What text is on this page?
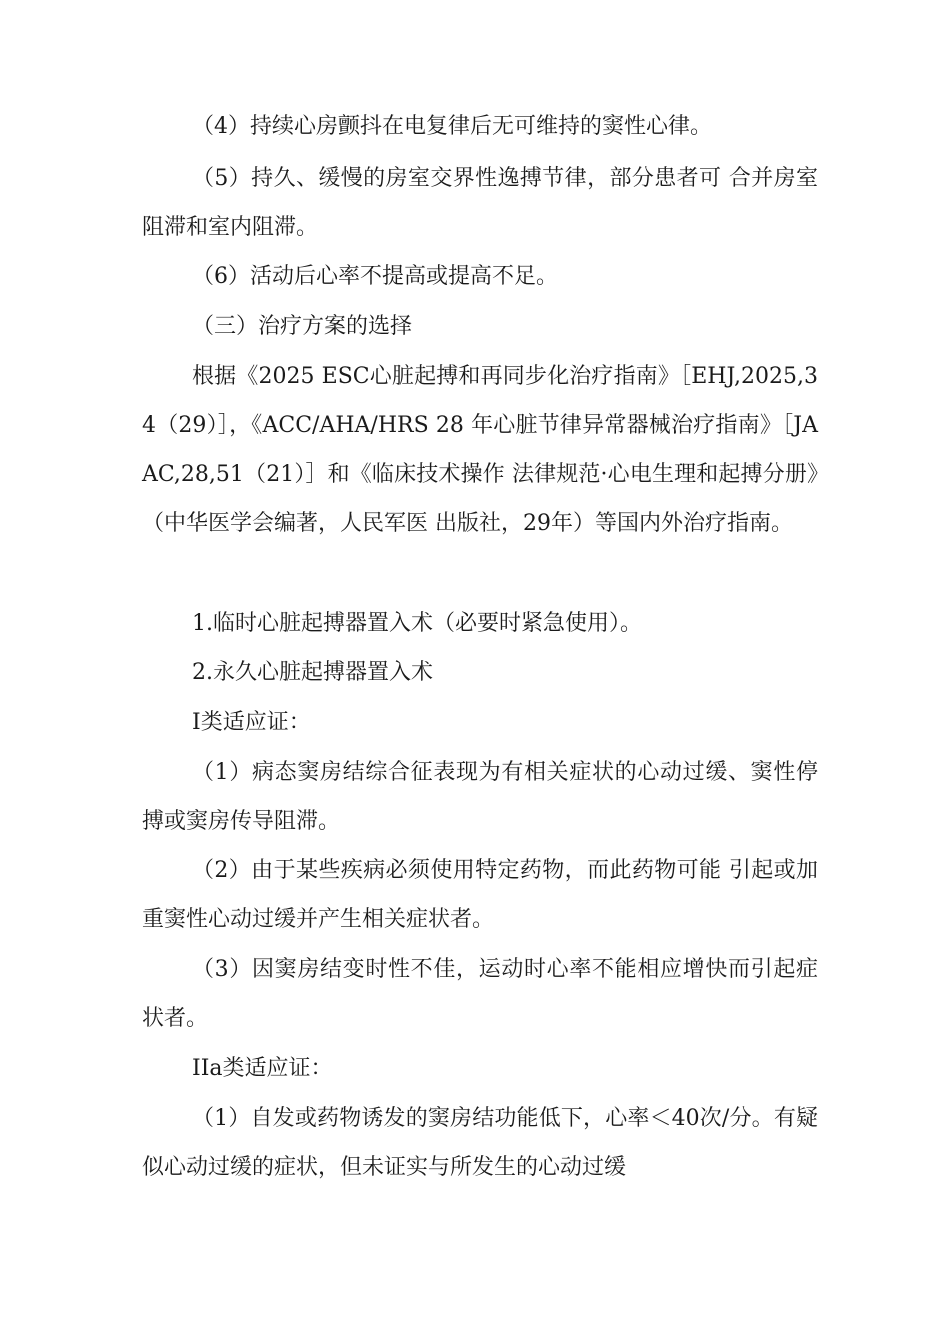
（4）持续心房颤抖在电复律后无可维持的窦性心律。

（5）持久、缓慢的房室交界性逸搏节律，部分患者可 合并房室阻滞和室内阻滞。

（6）活动后心率不提高或提高不足。

（三）治疗方案的选择

根据《2025 ESC心脏起搏和再同步化治疗指南》［EHJ,2025,34（29）］，《ACC/AHA/HRS 28 年心脏节律异常器械治疗指南》［JAAC,28,51（21）］和《临床技术操作 法律规范·心电生理和起搏分册》（中华医学会编著，人民军医 出版社，29年）等国内外治疗指南。

1.临时心脏起搏器置入术（必要时紧急使用）。

2.永久心脏起搏器置入术

I类适应证：

（1）病态窦房结综合征表现为有相关症状的心动过缓、窦性停搏或窦房传导阻滞。

（2）由于某些疾病必须使用特定药物，而此药物可能 引起或加重窦性心动过缓并产生相关症状者。

（3）因窦房结变时性不佳，运动时心率不能相应增快而引起症状者。

IIa类适应证：

（1）自发或药物诱发的窦房结功能低下，心率＜40次/分。有疑似心动过缓的症状，但未证实与所发生的心动过缓
